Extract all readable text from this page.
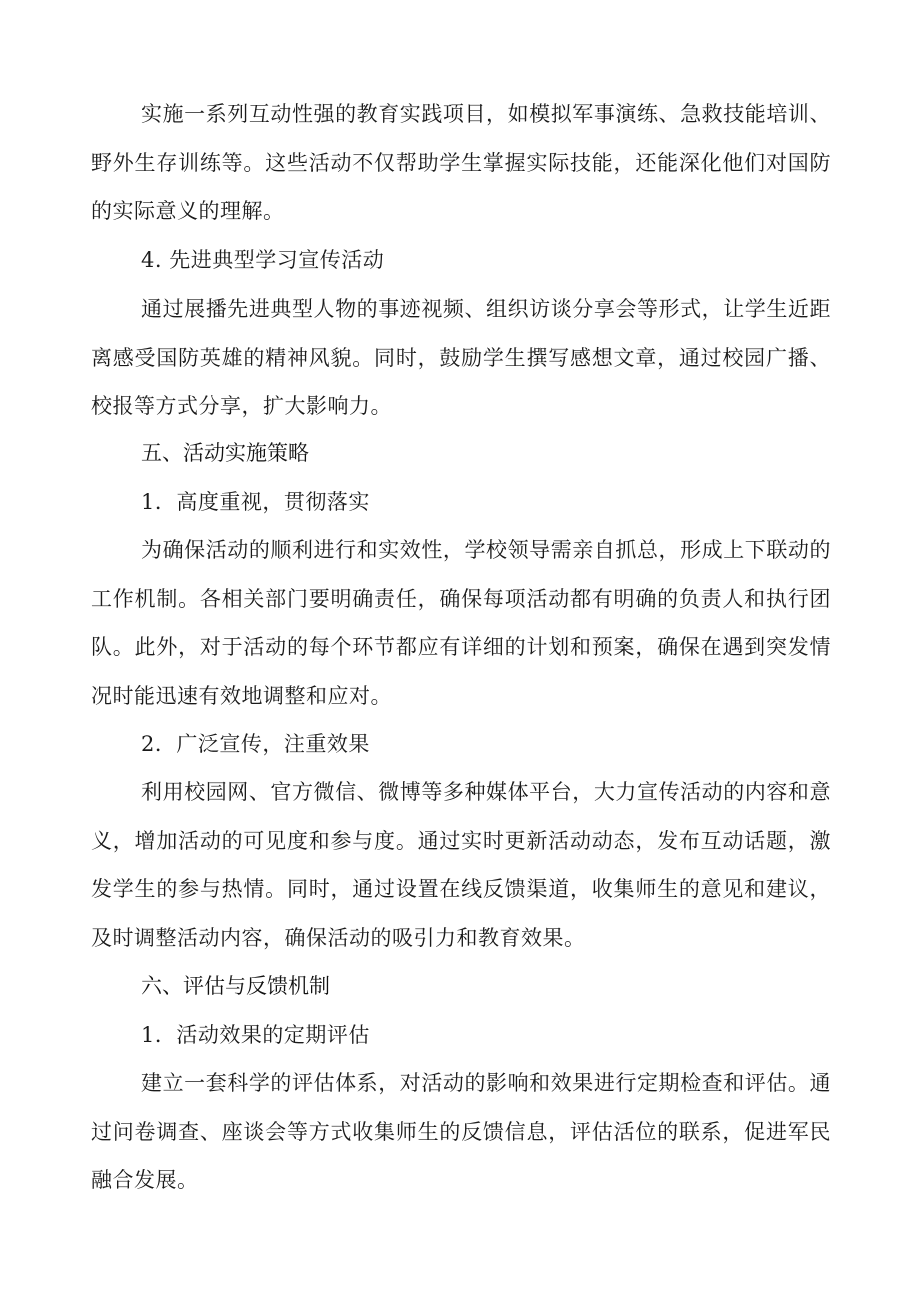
实施一系列互动性强的教育实践项目，如模拟军事演练、急救技能培训、野外生存训练等。这些活动不仅帮助学生掌握实际技能，还能深化他们对国防的实际意义的理解。

4. 先进典型学习宣传活动

通过展播先进典型人物的事迹视频、组织访谈分享会等形式，让学生近距离感受国防英雄的精神风貌。同时，鼓励学生撰写感想文章，通过校园广播、校报等方式分享，扩大影响力。

五、活动实施策略

1．高度重视，贯彻落实

为确保活动的顺利进行和实效性，学校领导需亲自抓总，形成上下联动的工作机制。各相关部门要明确责任，确保每项活动都有明确的负责人和执行团队。此外，对于活动的每个环节都应有详细的计划和预案，确保在遇到突发情况时能迅速有效地调整和应对。

2．广泛宣传，注重效果

利用校园网、官方微信、微博等多种媒体平台，大力宣传活动的内容和意义，增加活动的可见度和参与度。通过实时更新活动动态，发布互动话题，激发学生的参与热情。同时，通过设置在线反馈渠道，收集师生的意见和建议，及时调整活动内容，确保活动的吸引力和教育效果。

六、评估与反馈机制

1．活动效果的定期评估

建立一套科学的评估体系，对活动的影响和效果进行定期检查和评估。通过问卷调查、座谈会等方式收集师生的反馈信息，评估活位的联系，促进军民融合发展。
